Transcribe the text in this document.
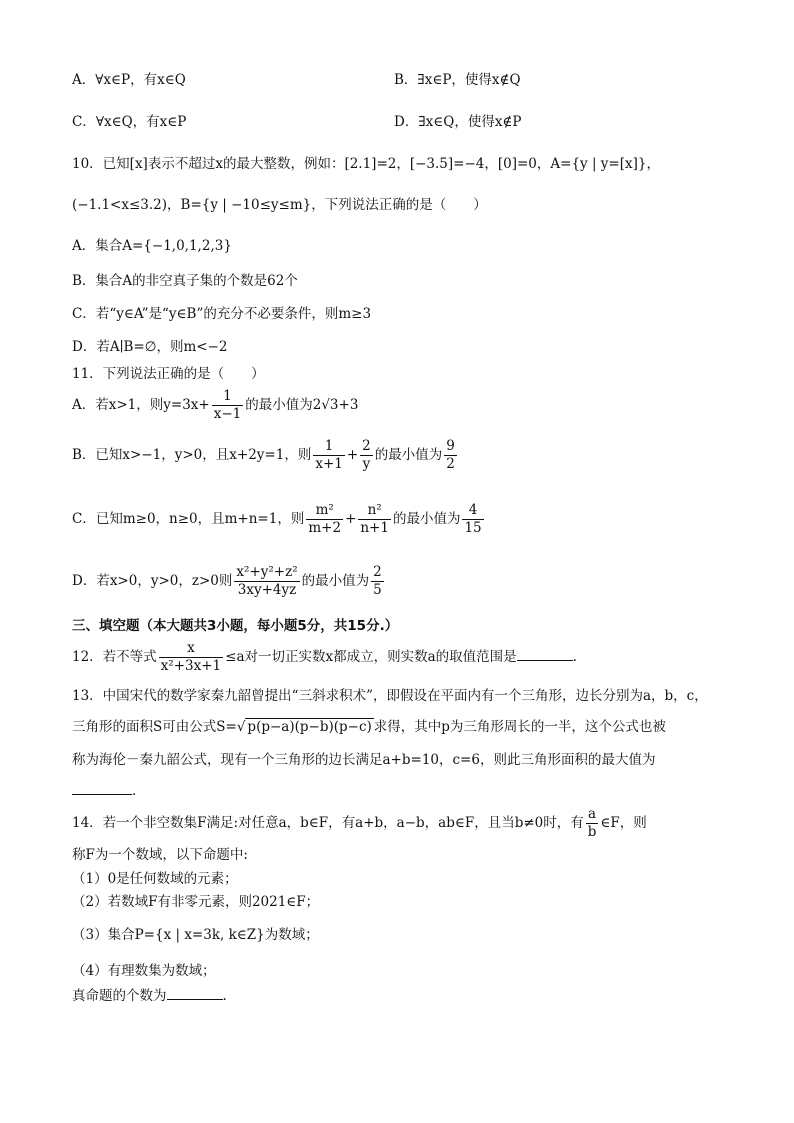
A．∀x∈P，有x∈Q	B．∃x∈P，使得x∉Q
C．∀x∈Q，有x∈P	D．∃x∈Q，使得x∉P
10．已知[x]表示不超过x的最大整数，例如：[2.1]=2，[−3.5]=−4，[0]=0，A={y | y=[x]}，
(−1.1<x≤3.2)，B={y | −10≤y≤m}，下列说法正确的是（　　）
A．集合A={−1,0,1,2,3}
B．集合A的非空真子集的个数是62个
C．若“y∈A”是“y∈B”的充分不必要条件，则m≥3
D．若A∣B=∅，则m<−2
11．下列说法正确的是（　　）
A．若x>1，则$y=3x+ \frac{1}{x-1}$ 的最小值为2√3+3
B．已知x>−1，y>0，且x+2y=1，则 $\frac{1}{x+1} + \frac{2}{y}$ 的最小值为 $\frac{9}{2}$
C．已知m≥0，n≥0，且m+n=1，则 $\frac{\text{m²}}{m+2} + \frac{\text{n²}}{n+1}$ 的最小值为 $\frac{4}{15}$
D．若x>0，y>0，z>0则 $\frac{\text{x²+y²+z²}}{3xy+4yz}$ 的最小值为 $\frac{2}{5}$
三、填空题（本大题共3小题，每小题5分，共15分.）
12．若不等式 $\frac{x}{\text{x²+3x+1}} \le a$对一切正实数x都成立，则实数a的取值范围是	.
13．中国宋代的数学家秦九韶曾提出“三斜求积术”，即假设在平面内有一个三角形，边长分别为a，b，c，
三角形的面积S可由公式S=√ p(p−a)(p−b)(p−c) 求得，其中p为三角形周长的一半，这个公式也被
称为海伦－秦九韶公式，现有一个三角形的边长满足a+b=10，c=6，则此三角形面积的最大值为
.
14．若一个非空数集F满足:对任意a，b∈F，有a+b，a−b，ab∈F，且当b≠0时，有 $\frac{a}{b}$ ∈F，则
称F为一个数域，以下命题中:
（1）0是任何数域的元素；
（2）若数域F有非零元素，则2021∈F；
（3）集合P={x | x=3k, k∈Z}为数域；
（4）有理数集为数域；
真命题的个数为	.
